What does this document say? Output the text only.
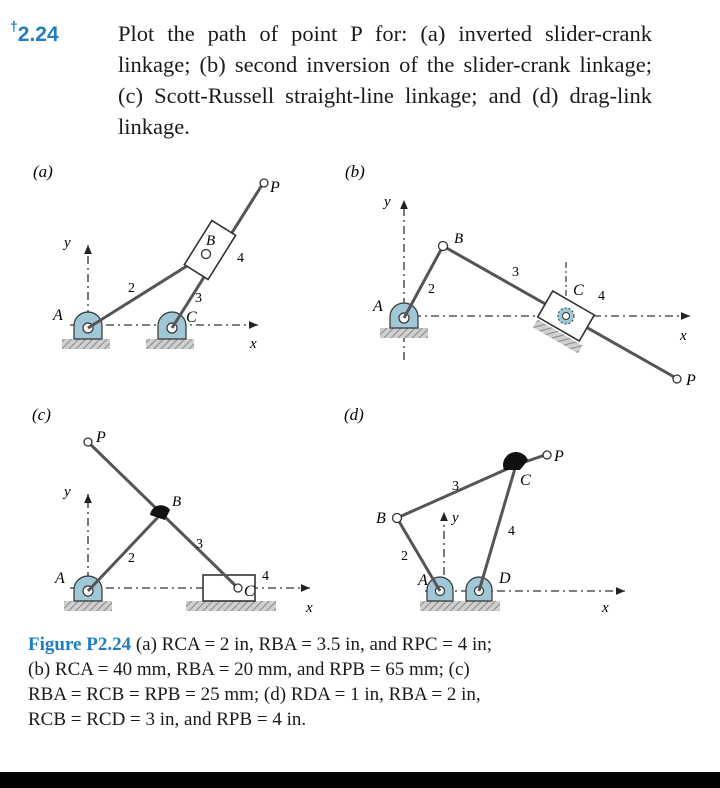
†2.24	Plot the path of point P for: (a) inverted slider-crank linkage; (b) second inversion of the slider-crank linkage; (c) Scott-Russell straight-line linkage; and (d) drag-link linkage.
(a)
y
x
A
B
C
P
2
3
4
(b)
y
x
A
B
C
P
2
3
4
(c)
y
x
A
B
C
P
2
3
4
(d)
y
x
A
B
C
D
P
2
3
4
Figure P2.24 (a) RCA = 2 in, RBA = 3.5 in, and RPC = 4 in;
(b) RCA = 40 mm, RBA = 20 mm, and RPB = 65 mm; (c)
RBA = RCB = RPB = 25 mm; (d) RDA = 1 in, RBA = 2 in,
RCB = RCD = 3 in, and RPB = 4 in.
